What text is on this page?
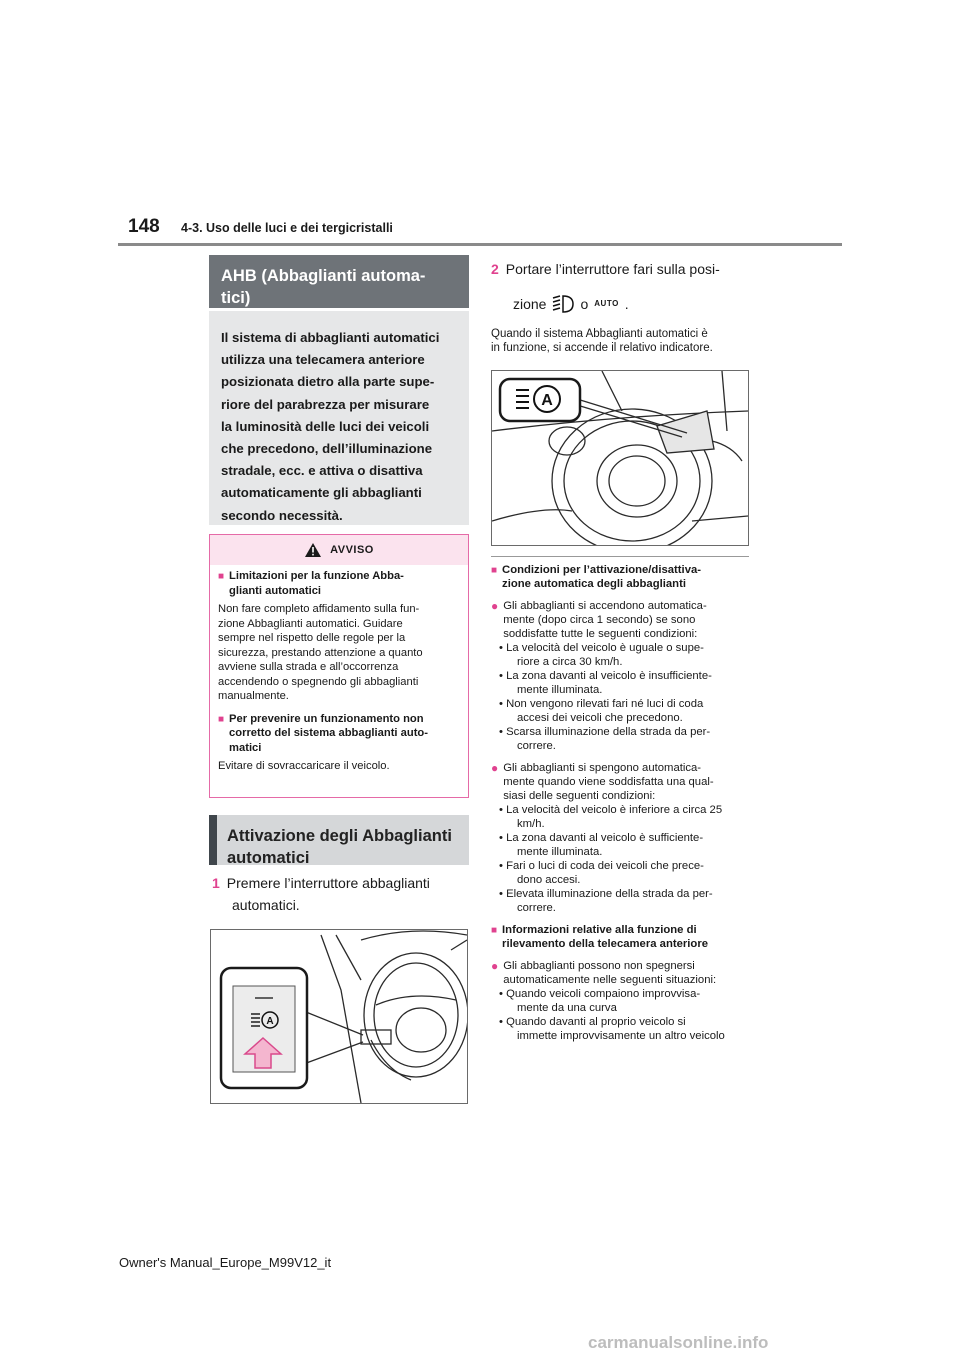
148 4-3. Uso delle luci e dei tergicristalli
AHB (Abbaglianti automa-
tici)
Il sistema di abbaglianti automatici
utilizza una telecamera anteriore
posizionata dietro alla parte supe-
riore del parabrezza per misurare
la luminosità delle luci dei veicoli
che precedono, dell’illuminazione
stradale, ecc. e attiva o disattiva
automaticamente gli abbaglianti
secondo necessità.
AVVISO
■ Limitazioni per la funzione Abba-
glianti automatici

Non fare completo affidamento sulla fun-
zione Abbaglianti automatici. Guidare
sempre nel rispetto delle regole per la
sicurezza, prestando attenzione a quanto
avviene sulla strada e all’occorrenza
accendendo o spegnendo gli abbaglianti
manualmente.

■ Per prevenire un funzionamento non
corretto del sistema abbaglianti auto-
matici

Evitare di sovraccaricare il veicolo.

Attivazione degli Abbaglianti
automatici
1 Premere l’interruttore abbaglianti
automatici.
A
2 Portare l’interruttore fari sulla posi-
zione o AUTO .
Quando il sistema Abbaglianti automatici è
in funzione, si accende il relativo indicatore.
A
■ Condizioni per l’attivazione/disattiva-
zione automatica degli abbaglianti
● Gli abbaglianti si accendono automatica-
mente (dopo circa 1 secondo) se sono
soddisfatte tutte le seguenti condizioni:
• La velocità del veicolo è uguale o supe-
riore a circa 30 km/h.
• La zona davanti al veicolo è insufficiente-
mente illuminata.
• Non vengono rilevati fari né luci di coda
accesi dei veicoli che precedono.
• Scarsa illuminazione della strada da per-
correre.
● Gli abbaglianti si spengono automatica-
mente quando viene soddisfatta una qual-
siasi delle seguenti condizioni:
• La velocità del veicolo è inferiore a circa 25
km/h.
• La zona davanti al veicolo è sufficiente-
mente illuminata.
• Fari o luci di coda dei veicoli che prece-
dono accesi.
• Elevata illuminazione della strada da per-
correre.
■ Informazioni relative alla funzione di
rilevamento della telecamera anteriore
● Gli abbaglianti possono non spegnersi
automaticamente nelle seguenti situazioni:
• Quando veicoli compaiono improvvisa-
mente da una curva
• Quando davanti al proprio veicolo si
immette improvvisamente un altro veicolo
Owner's Manual_Europe_M99V12_it
carmanualsonline.info
